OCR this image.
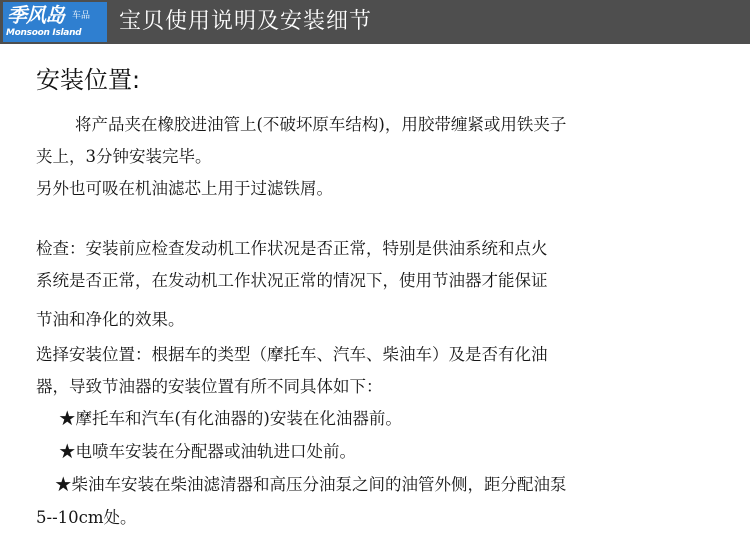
季风岛 车品
Monsoon Island 宝贝使用说明及安装细节
安装位置:
将产品夹在橡胶进油管上(不破坏原车结构)，用胶带缠紧或用铁夹子
夹上，3分钟安装完毕。
另外也可吸在机油滤芯上用于过滤铁屑。
检查：安装前应检查发动机工作状况是否正常，特别是供油系统和点火
系统是否正常，在发动机工作状况正常的情况下，使用节油器才能保证
节油和净化的效果。
选择安装位置：根据车的类型（摩托车、汽车、柴油车）及是否有化油
器，导致节油器的安装位置有所不同具体如下：
★摩托车和汽车(有化油器的)安装在化油器前。
★电喷车安装在分配器或油轨进口处前。
★柴油车安装在柴油滤清器和高压分油泵之间的油管外侧，距分配油泵
5--10cm处。
